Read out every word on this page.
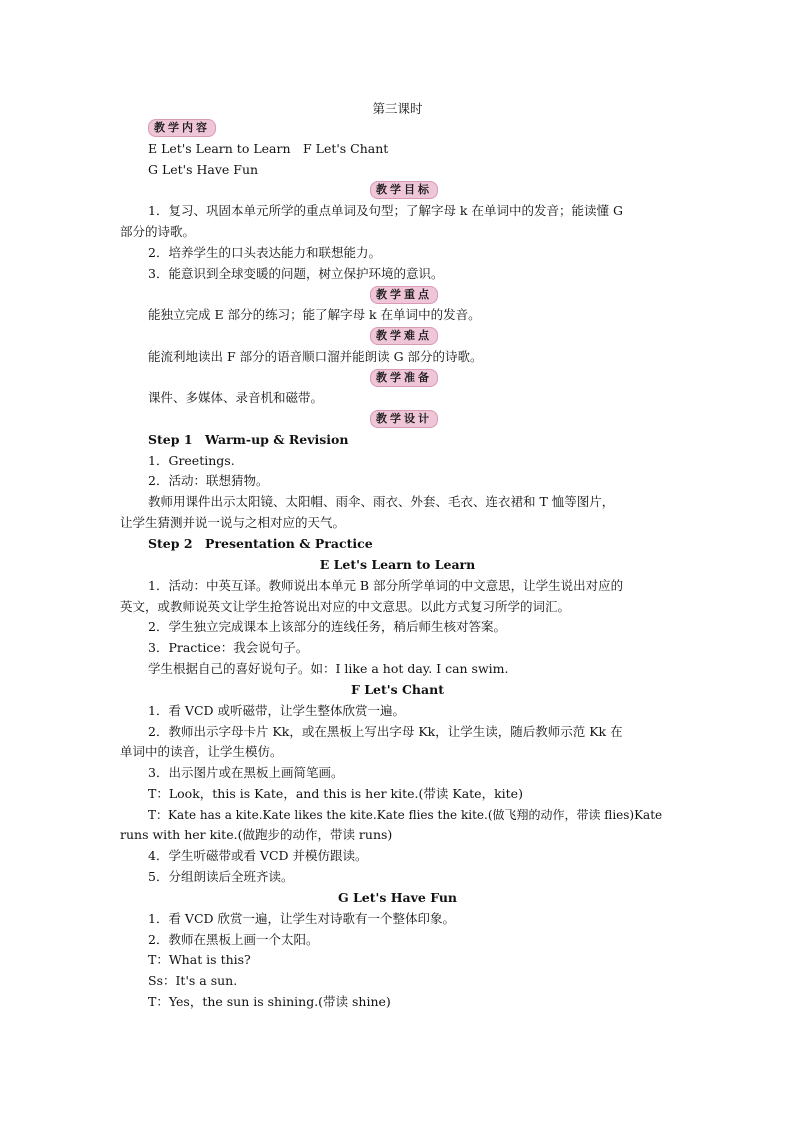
第三课时
教学内容
E Let's Learn to Learn　F Let's Chant
G Let's Have Fun
教学目标
1．复习、巩固本单元所学的重点单词及句型；了解字母 k 在单词中的发音；能读懂 G
部分的诗歌。
2．培养学生的口头表达能力和联想能力。
3．能意识到全球变暖的问题，树立保护环境的意识。
教学重点
能独立完成 E 部分的练习；能了解字母 k 在单词中的发音。
教学难点
能流利地读出 F 部分的语音顺口溜并能朗读 G 部分的诗歌。
教学准备
课件、多媒体、录音机和磁带。
教学设计
Step 1　Warm-up & Revision
1．Greetings.
2．活动：联想猜物。
教师用课件出示太阳镜、太阳帽、雨伞、雨衣、外套、毛衣、连衣裙和 T 恤等图片，
让学生猜测并说一说与之相对应的天气。
Step 2　Presentation & Practice
E Let's Learn to Learn
1．活动：中英互译。教师说出本单元 B 部分所学单词的中文意思，让学生说出对应的
英文，或教师说英文让学生抢答说出对应的中文意思。以此方式复习所学的词汇。
2．学生独立完成课本上该部分的连线任务，稍后师生核对答案。
3．Practice：我会说句子。
学生根据自己的喜好说句子。如：I like a hot day. I can swim.
F Let's Chant
1．看 VCD 或听磁带，让学生整体欣赏一遍。
2．教师出示字母卡片 Kk，或在黑板上写出字母 Kk，让学生读，随后教师示范 Kk 在
单词中的读音，让学生模仿。
3．出示图片或在黑板上画简笔画。
T：Look，this is Kate，and this is her kite.(带读 Kate，kite)
T：Kate has a kite.Kate likes the kite.Kate flies the kite.(做飞翔的动作，带读 flies)Kate
runs with her kite.(做跑步的动作，带读 runs)
4．学生听磁带或看 VCD 并模仿跟读。
5．分组朗读后全班齐读。
G Let's Have Fun
1．看 VCD 欣赏一遍，让学生对诗歌有一个整体印象。
2．教师在黑板上画一个太阳。
T：What is this?
Ss：It's a sun.
T：Yes，the sun is shining.(带读 shine)
